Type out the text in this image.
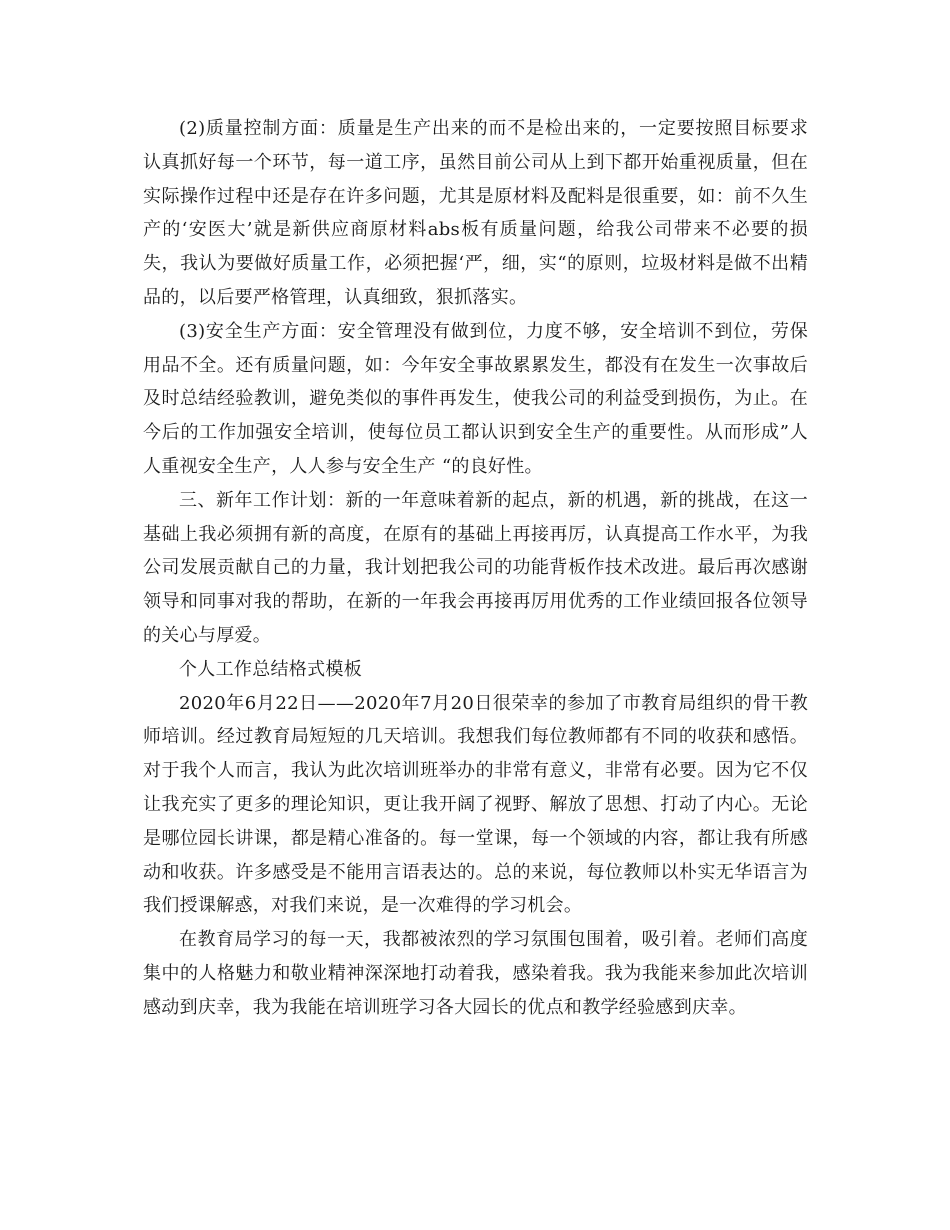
(2)质量控制方面：质量是生产出来的而不是检出来的，一定要按照目标要求认真抓好每一个环节，每一道工序，虽然目前公司从上到下都开始重视质量，但在实际操作过程中还是存在许多问题，尤其是原材料及配料是很重要，如：前不久生产的‘安医大’就是新供应商原材料abs板有质量问题，给我公司带来不必要的损失，我认为要做好质量工作，必须把握‘严，细，实“的原则，垃圾材料是做不出精品的，以后要严格管理，认真细致，狠抓落实。

(3)安全生产方面：安全管理没有做到位，力度不够，安全培训不到位，劳保用品不全。还有质量问题，如：今年安全事故累累发生，都没有在发生一次事故后及时总结经验教训，避免类似的事件再发生，使我公司的利益受到损伤，为止。在今后的工作加强安全培训，使每位员工都认识到安全生产的重要性。从而形成”人人重视安全生产，人人参与安全生产 “的良好性。

三、新年工作计划：新的一年意味着新的起点，新的机遇，新的挑战，在这一基础上我必须拥有新的高度，在原有的基础上再接再厉，认真提高工作水平，为我公司发展贡献自己的力量，我计划把我公司的功能背板作技术改进。最后再次感谢领导和同事对我的帮助，在新的一年我会再接再厉用优秀的工作业绩回报各位领导的关心与厚爱。

个人工作总结格式模板

2020年6月22日——2020年7月20日很荣幸的参加了市教育局组织的骨干教师培训。经过教育局短短的几天培训。我想我们每位教师都有不同的收获和感悟。对于我个人而言，我认为此次培训班举办的非常有意义，非常有必要。因为它不仅让我充实了更多的理论知识，更让我开阔了视野、解放了思想、打动了内心。无论是哪位园长讲课，都是精心准备的。每一堂课，每一个领域的内容，都让我有所感动和收获。许多感受是不能用言语表达的。总的来说，每位教师以朴实无华语言为我们授课解惑，对我们来说，是一次难得的学习机会。

在教育局学习的每一天，我都被浓烈的学习氛围包围着，吸引着。老师们高度集中的人格魅力和敬业精神深深地打动着我，感染着我。我为我能来参加此次培训感动到庆幸，我为我能在培训班学习各大园长的优点和教学经验感到庆幸。
